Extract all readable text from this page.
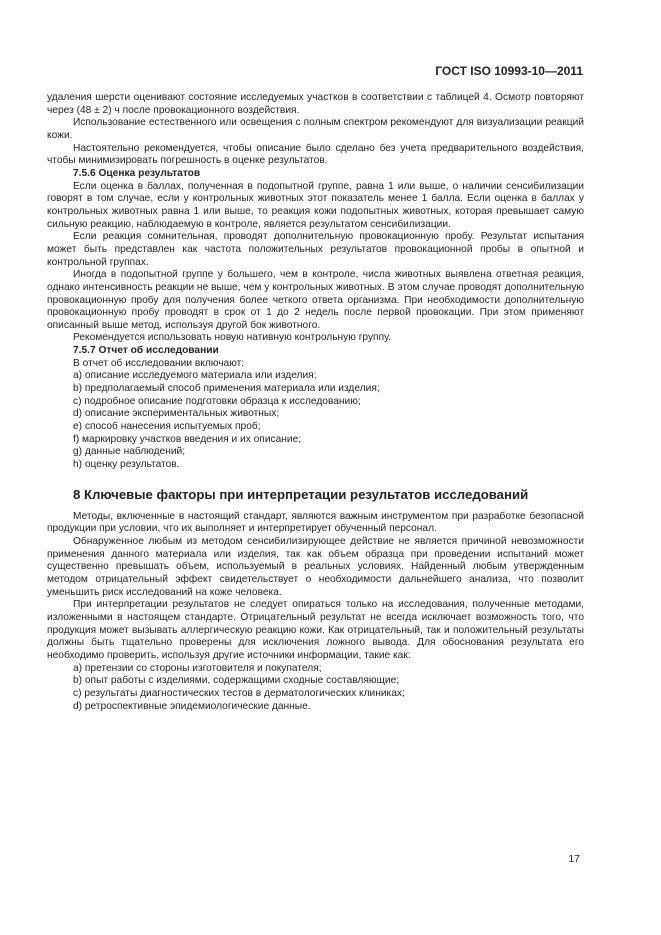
ГОСТ ISO 10993-10—2011

удаления шерсти оценивают состояние исследуемых участков в соответствии с таблицей 4. Осмотр повторяют через (48 ± 2) ч после провокационного воздействия.

Использование естественного или освещения с полным спектром рекомендуют для визуализации реакций кожи.

Настоятельно рекомендуется, чтобы описание было сделано без учета предварительного воздействия, чтобы минимизировать погрешность в оценке результатов.

7.5.6 Оценка результатов

Если оценка в баллах, полученная в подопытной группе, равна 1 или выше, о наличии сенсибилизации говорят в том случае, если у контрольных животных этот показатель менее 1 балла. Если оценка в баллах у контрольных животных равна 1 или выше, то реакция кожи подопытных животных, которая превышает самую сильную реакцию, наблюдаемую в контроле, является результатом сенсибилизации.

Если реакция сомнительная, проводят дополнительную провокационную пробу. Результат испытания может быть представлен как частота положительных результатов провокационной пробы в опытной и контрольной группах.

Иногда в подопытной группе у большего, чем в контроле, числа животных выявлена ответная реакция, однако интенсивность реакции не выше, чем у контрольных животных. В этом случае проводят дополнительную провокационную пробу для получения более четкого ответа организма. При необходимости дополнительную провокационную пробу проводят в срок от 1 до 2 недель после первой провокации. При этом применяют описанный выше метод, используя другой бок животного.

Рекомендуется использовать новую нативную контрольную группу.

7.5.7 Отчет об исследовании

В отчет об исследовании включают:

a) описание исследуемого материала или изделия;

b) предполагаемый способ применения материала или изделия;

c) подробное описание подготовки образца к исследованию;

d) описание экспериментальных животных;

e) способ нанесения испытуемых проб;

f) маркировку участков введения и их описание;

g) данные наблюдений;

h) оценку результатов.

8 Ключевые факторы при интерпретации результатов исследований

Методы, включенные в настоящий стандарт, являются важным инструментом при разработке безопасной продукции при условии, что их выполняет и интерпретирует обученный персонал.

Обнаруженное любым из методом сенсибилизирующее действие не является причиной невозможности применения данного материала или изделия, так как объем образца при проведении испытаний может существенно превышать объем, используемый в реальных условиях. Найденный любым утвержденным методом отрицательный эффект свидетельствует о необходимости дальнейшего анализа, что позволит уменьшить риск исследований на коже человека.

При интерпретации результатов не следует опираться только на исследования, полученные методами, изложенными в настоящем стандарте. Отрицательный результат не всегда исключает возможность того, что продукция может вызывать аллергическую реакцию кожи. Как отрицательный, так и положительный результаты должны быть тщательно проверены для исключения ложного вывода. Для обоснования результата его необходимо проверить, используя другие источники информации, такие как:

a) претензии со стороны изготовителя и покупателя;

b) опыт работы с изделиями, содержащими сходные составляющие;

c) результаты диагностических тестов в дерматологических клиниках;

d) ретроспективные эпидемиологические данные.

17
